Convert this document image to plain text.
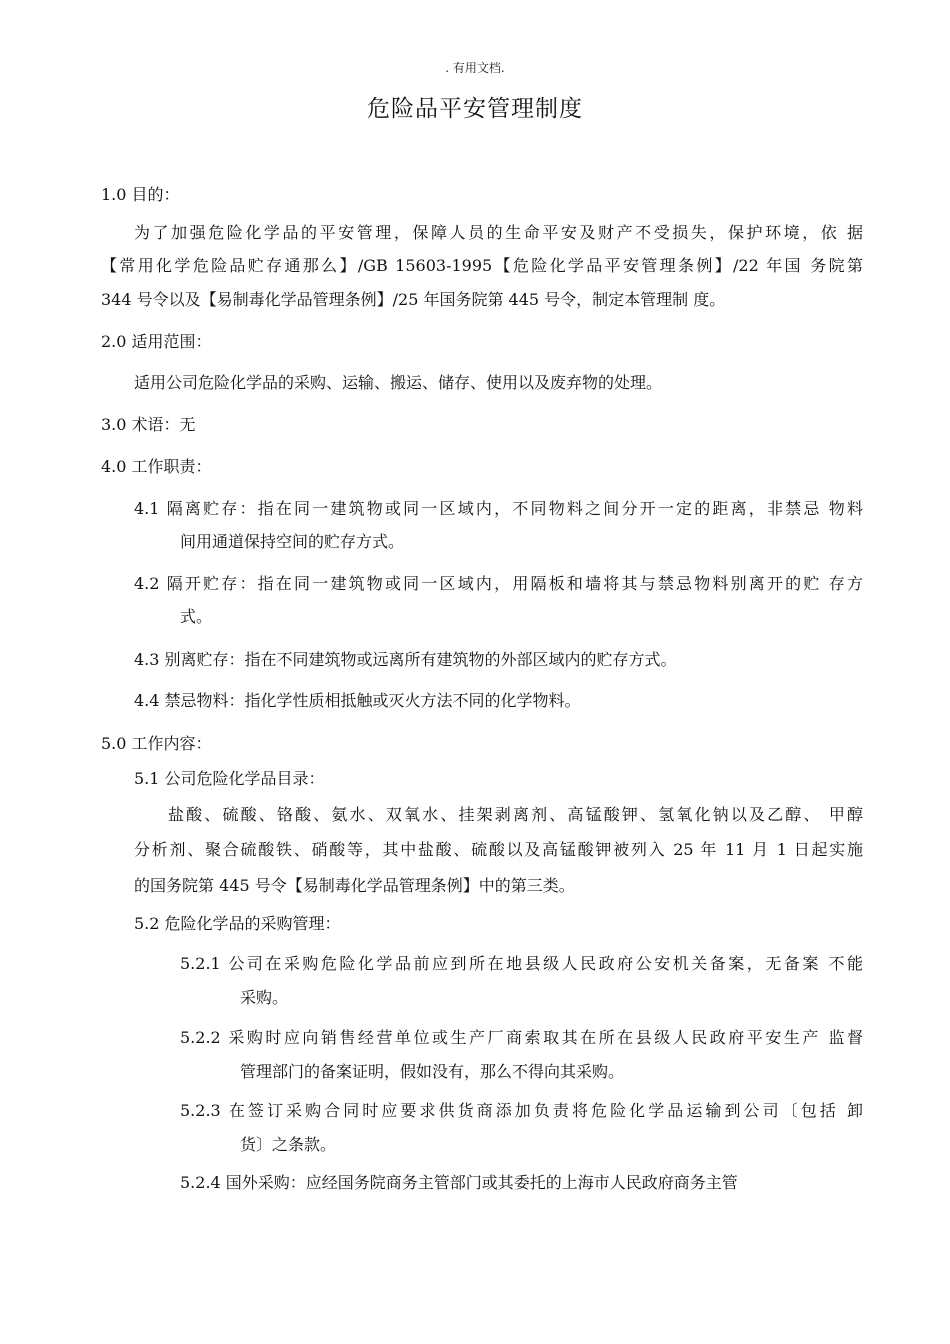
. 有用文档.
危险品平安管理制度
1.0 目的：
为了加强危险化学品的平安管理，保障人员的生命平安及财产不受损失，保护环境，依 据
【常用化学危险品贮存通那么】/GB 15603-1995【危险化学品平安管理条例】/22 年国 务院第
344 号令以及【易制毒化学品管理条例】/25 年国务院第 445 号令，制定本管理制 度。
2.0 适用范围：
适用公司危险化学品的采购、运输、搬运、储存、使用以及废弃物的处理。
3.0 术语：无
4.0 工作职责：
4.1 隔离贮存：指在同一建筑物或同一区域内，不同物料之间分开一定的距离，非禁忌 物料
间用通道保持空间的贮存方式。
4.2 隔开贮存：指在同一建筑物或同一区域内，用隔板和墙将其与禁忌物料别离开的贮 存方
式。
4.3 别离贮存：指在不同建筑物或远离所有建筑物的外部区域内的贮存方式。
4.4 禁忌物料：指化学性质相抵触或灭火方法不同的化学物料。
5.0 工作内容：
5.1 公司危险化学品目录：
盐酸、硫酸、铬酸、氨水、双氧水、挂架剥离剂、高锰酸钾、氢氧化钠以及乙醇、 甲醇
分析剂、聚合硫酸铁、硝酸等，其中盐酸、硫酸以及高锰酸钾被列入 25 年 11 月 1 日起实施
的国务院第 445 号令【易制毒化学品管理条例】中的第三类。
5.2 危险化学品的采购管理：
5.2.1 公司在采购危险化学品前应到所在地县级人民政府公安机关备案，无备案 不能
采购。
5.2.2 采购时应向销售经营单位或生产厂商索取其在所在县级人民政府平安生产 监督
管理部门的备案证明，假如没有，那么不得向其采购。
5.2.3 在签订采购合同时应要求供货商添加负责将危险化学品运输到公司〔包括 卸
货〕之条款。
5.2.4 国外采购：应经国务院商务主管部门或其委托的上海市人民政府商务主管
